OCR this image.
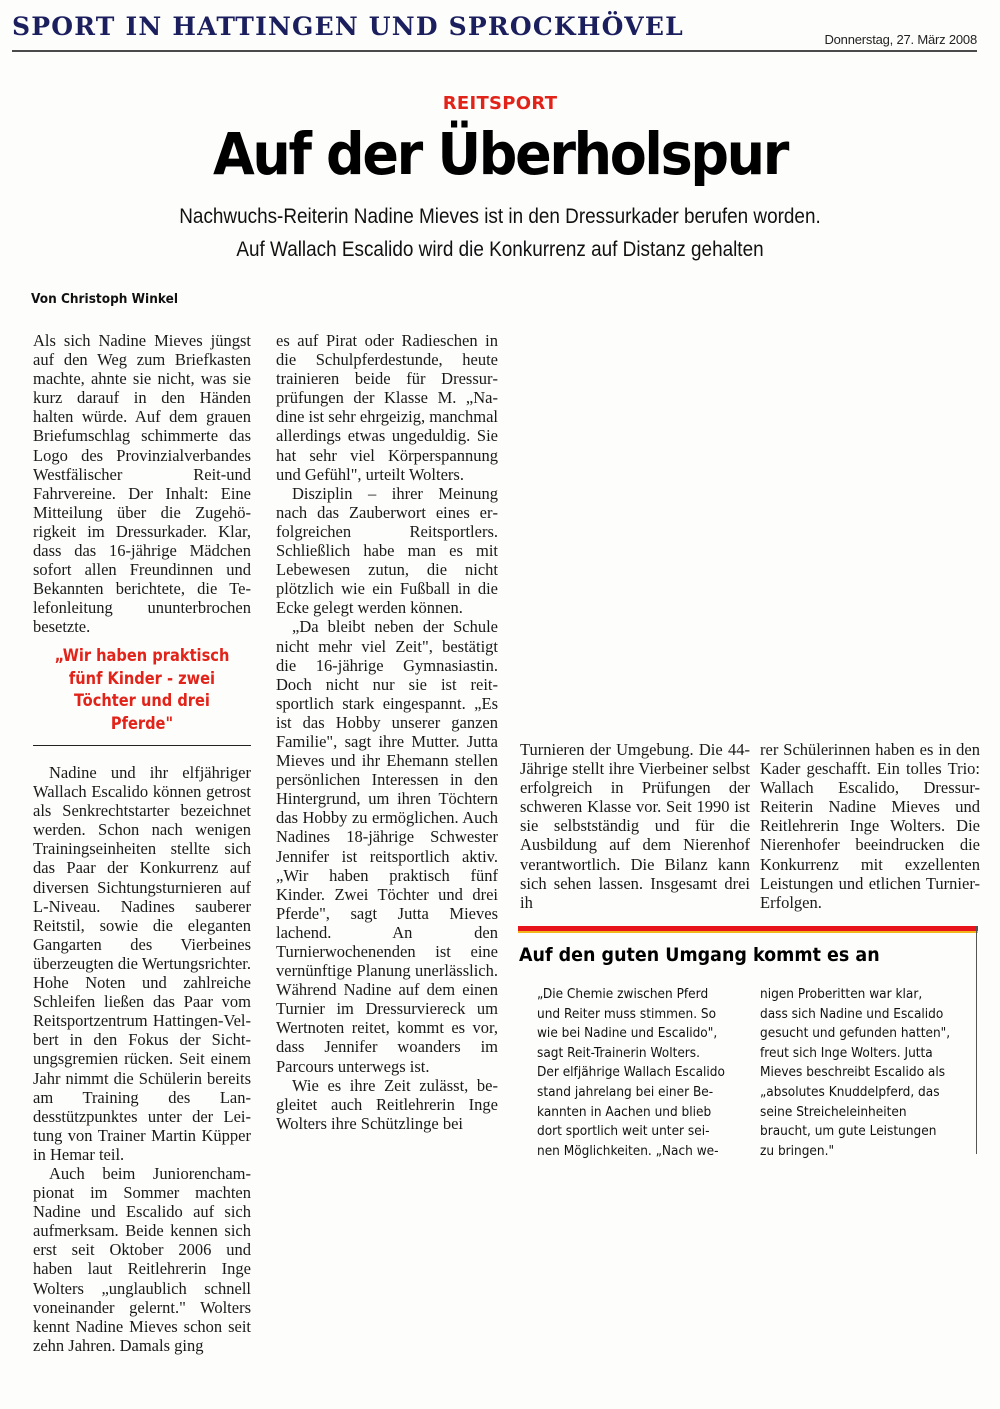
SPORT IN HATTINGEN UND SPROCKHÖVEL	Donnerstag, 27. März 2008
REITSPORT
Auf der Überholspur
Nachwuchs-Reiterin Nadine Mieves ist in den Dressurkader berufen worden.
Auf Wallach Escalido wird die Konkurrenz auf Distanz gehalten
Von Christoph Winkel

Als sich Nadine Mieves jüngst auf den Weg zum Briefkasten machte, ahnte sie nicht, was sie kurz darauf in den Händen halten würde. Auf dem grauen Briefumschlag schimmerte das Logo des Provinzialverbandes Westfälischer Reit-und Fahrvereine. Der Inhalt: Eine Mitteilung über die Zugehörigkeit im Dressurkader. Klar, dass das 16-jährige Mädchen sofort allen Freundinnen und Bekannten berichtete, die Telefonleitung ununterbrochen besetzte.

„Wir haben praktisch fünf Kinder - zwei Töchter und drei Pferde"

Nadine und ihr elfjähriger Wallach Escalido können getrost als Senkrechtstarter bezeichnet werden. Schon nach wenigen Trainingseinheiten stellte sich das Paar der Konkurrenz auf diversen Sichtungsturnieren auf L-Niveau. Nadines sauberer Reitstil, sowie die eleganten Gangarten des Vierbeines überzeugten die Wertungsrichter. Hohe Noten und zahlreiche Schleifen ließen das Paar vom Reitsportzentrum Hattingen-Velbert in den Fokus der Sichtungsgremien rücken. Seit einem Jahr nimmt die Schülerin bereits am Training des Landesstützpunktes unter der Leitung von Trainer Martin Küpper in Hemar teil.

Auch beim Juniorenchampionat im Sommer machten Nadine und Escalido auf sich aufmerksam. Beide kennen sich erst seit Oktober 2006 und haben laut Reitlehrerin Inge Wolters „unglaublich schnell voneinander gelernt." Wolters kennt Nadine Mieves schon seit zehn Jahren. Damals ging

es auf Pirat oder Radieschen in die Schulpferdestunde, heute trainieren beide für Dressurprüfungen der Klasse M. „Nadine ist sehr ehrgeizig, manchmal allerdings etwas ungeduldig. Sie hat sehr viel Körperspannung und Gefühl", urteilt Wolters.

Disziplin – ihrer Meinung nach das Zauberwort eines erfolgreichen Reitsportlers. Schließlich habe man es mit Lebewesen zutun, die nicht plötzlich wie ein Fußball in die Ecke gelegt werden können.

„Da bleibt neben der Schule nicht mehr viel Zeit", bestätigt die 16-jährige Gymnasiastin. Doch nicht nur sie ist reitsportlich stark eingespannt. „Es ist das Hobby unserer ganzen Familie", sagt ihre Mutter. Jutta Mieves und ihr Ehemann stellen persönlichen Interessen in den Hintergrund, um ihren Töchtern das Hobby zu ermöglichen. Auch Nadines 18-jährige Schwester Jennifer ist reitsportlich aktiv. „Wir haben praktisch fünf Kinder. Zwei Töchter und drei Pferde", sagt Jutta Mieves lachend. An den Turnierwochenenden ist eine vernünftige Planung unerlässlich. Während Nadine auf dem einen Turnier im Dressurviereck um Wertnoten reitet, kommt es vor, dass Jennifer woanders im Parcours unterwegs ist.

Wie es ihre Zeit zulässt, begleitet auch Reitlehrerin Inge Wolters ihre Schützlinge bei

Turnieren der Umgebung. Die 44-Jährige stellt ihre Vierbeiner selbst erfolgreich in Prüfungen der schweren Klasse vor. Seit 1990 ist sie selbstständig und für die Ausbildung auf dem Nierenhof verantwortlich. Die Bilanz kann sich sehen lassen. Insgesamt drei ih

rer Schülerinnen haben es in den Kader geschafft. Ein tolles Trio: Wallach Escalido, Dressur-Reiterin Nadine Mieves und Reitlehrerin Inge Wolters. Die Nierenhofer beeindrucken die Konkurrenz mit exzellenten Leistungen und etlichen Turnier-Erfolgen.

Auf den guten Umgang kommt es an
„Die Chemie zwischen Pferd
und Reiter muss stimmen. So
wie bei Nadine und Escalido",
sagt Reit-Trainerin Wolters.
Der elfjährige Wallach Escalido
stand jahrelang bei einer Be-
kannten in Aachen und blieb
dort sportlich weit unter sei-
nen Möglichkeiten. „Nach we-
nigen Proberitten war klar,
dass sich Nadine und Escalido
gesucht und gefunden hatten",
freut sich Inge Wolters. Jutta
Mieves beschreibt Escalido als
„absolutes Knuddelpferd, das
seine Streicheleinheiten
braucht, um gute Leistungen
zu bringen."
